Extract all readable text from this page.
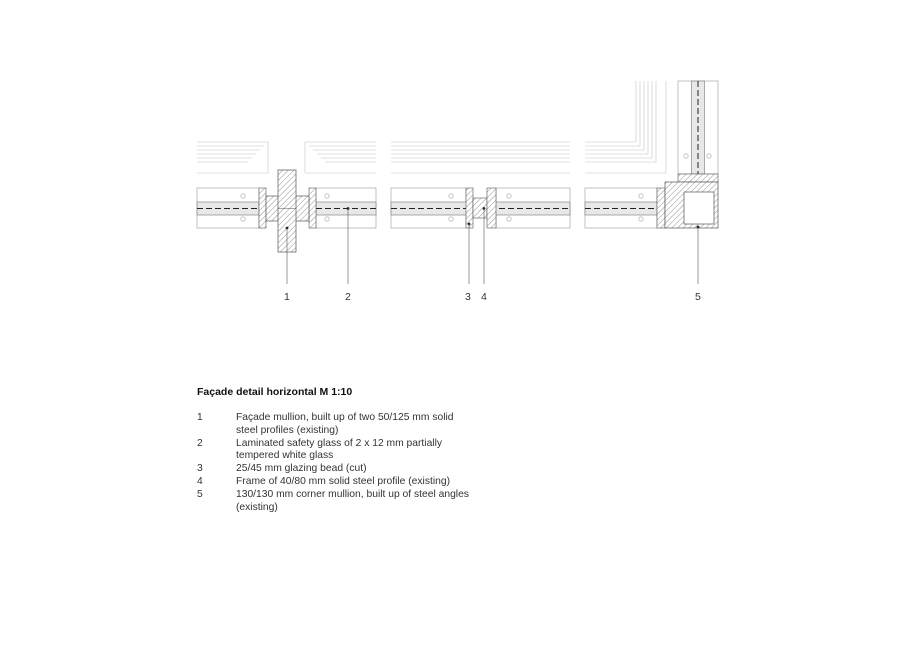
1	2	3 4	5

Façade detail horizontal M 1:10

1	Façade mullion, built up of two 50/125 mm solid steel profiles (existing)
2	Laminated safety glass of 2 x 12 mm partially tempered white glass
3	25/45 mm glazing bead (cut)
4	Frame of 40/80 mm solid steel profile (existing)
5	130/130 mm corner mullion, built up of steel angles (existing)
